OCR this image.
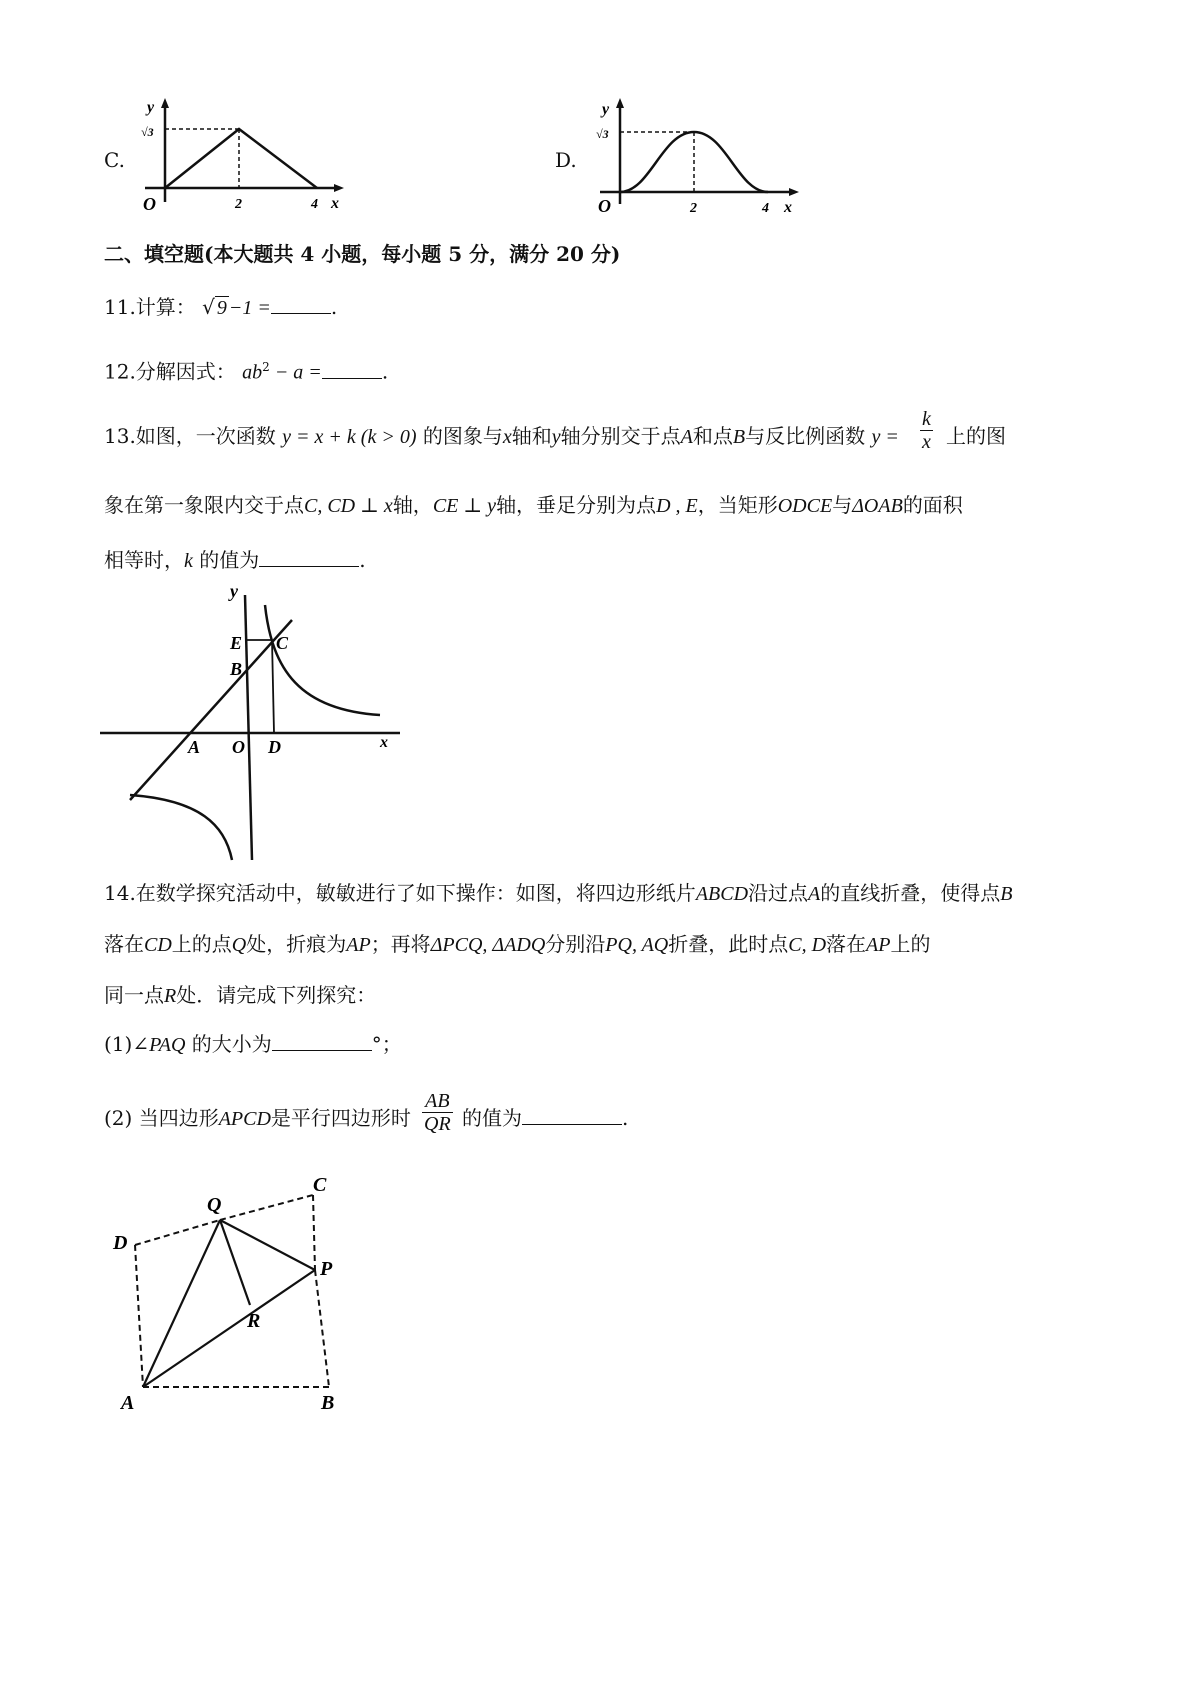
C.
y
√3
O	2	4 x
D.
y
√3
O	2	4 x
二、填空题(本大题共 4 小题，每小题 5 分，满分 20 分)
11.计算： √ 9 −1 =	.
12.分解因式： $ab^2 - a$ =	.
13.如图，一次函数 y = x + k (k > 0) 的图象与x轴和y轴分别交于点A和点B与反比例函数 $y = \frac{k}{x}$ 上的图
象在第一象限内交于点C, CD ⊥ x轴，CE ⊥ y轴，垂足分别为点D , E，当矩形ODCE与ΔOAB的面积
相等时，k 的值为	.
y
E
B
C
A O D	x
14.在数学探究活动中，敏敏进行了如下操作：如图，将四边形纸片ABCD沿过点A的直线折叠，使得点B
落在CD上的点Q处，折痕为AP；再将ΔPCQ, ΔADQ分别沿PQ, AQ折叠，此时点C, D落在AP上的
同一点R处．请完成下列探究：
(1)∠PAQ 的大小为	°；
(2) 当四边形APCD是平行四边形时 $\frac{AB}{QR}$ 的值为	.
Q
C
D
P
R
A	B
